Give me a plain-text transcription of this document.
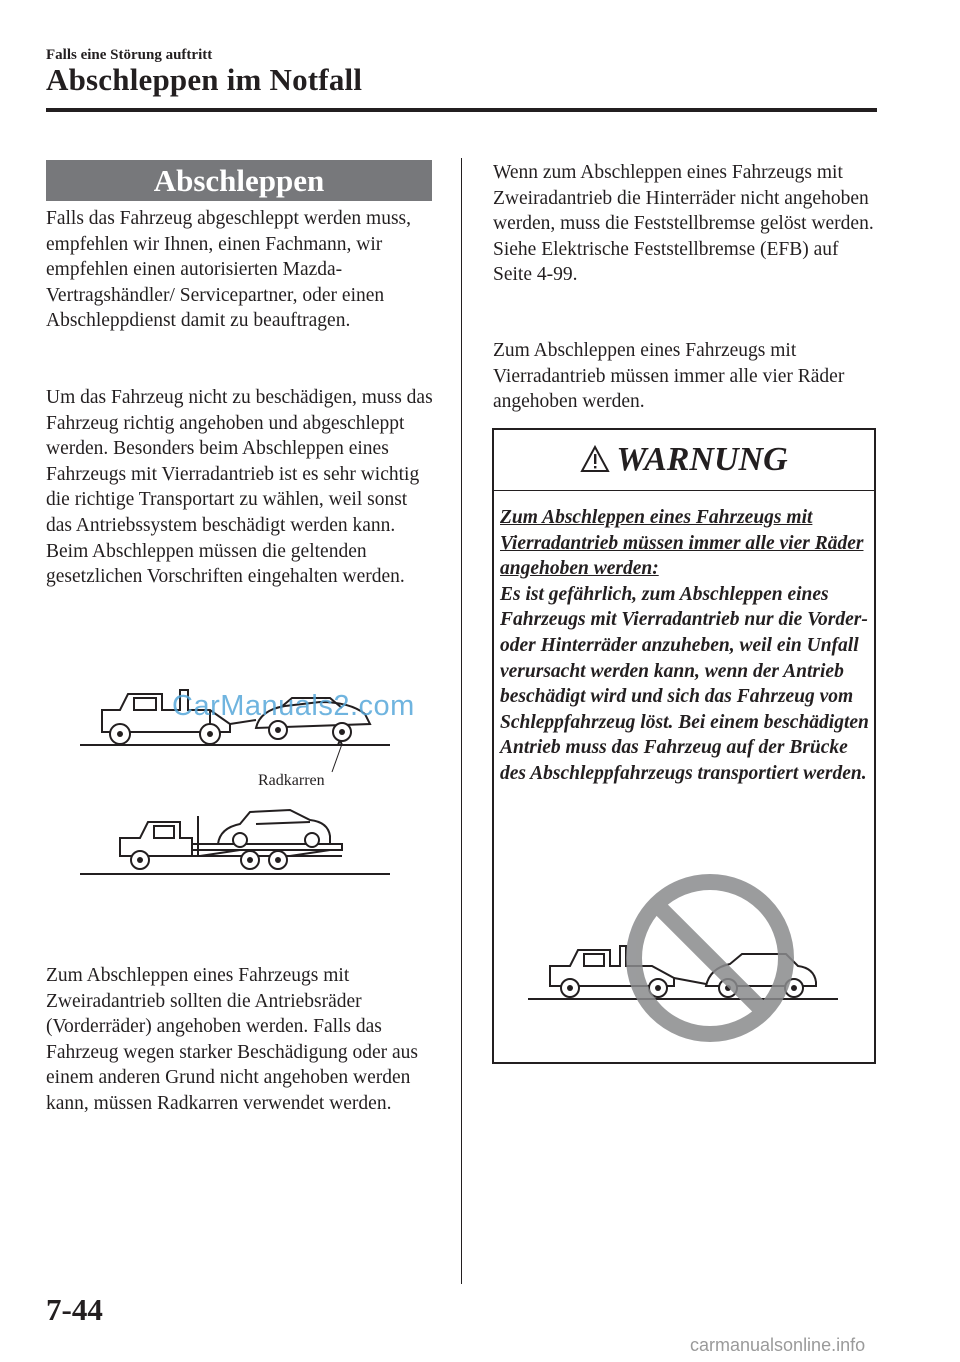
Falls eine Störung auftritt
Abschleppen im Notfall
Abschleppen

Falls das Fahrzeug abgeschleppt werden muss, empfehlen wir Ihnen, einen Fachmann, wir empfehlen einen autorisierten Mazda-Vertragshändler/ Servicepartner, oder einen Abschleppdienst damit zu beauftragen.

Um das Fahrzeug nicht zu beschädigen, muss das Fahrzeug richtig angehoben und abgeschleppt werden. Besonders beim Abschleppen eines Fahrzeugs mit Vierradantrieb ist es sehr wichtig die richtige Transportart zu wählen, weil sonst das Antriebssystem beschädigt werden kann. Beim Abschleppen müssen die geltenden gesetzlichen Vorschriften eingehalten werden.

CarManuals2.com
Radkarren

Zum Abschleppen eines Fahrzeugs mit Zweiradantrieb sollten die Antriebsräder (Vorderräder) angehoben werden. Falls das Fahrzeug wegen starker Beschädigung oder aus einem anderen Grund nicht angehoben werden kann, müssen Radkarren verwendet werden.

Wenn zum Abschleppen eines Fahrzeugs mit Zweiradantrieb die Hinterräder nicht angehoben werden, muss die Feststellbremse gelöst werden. Siehe Elektrische Feststellbremse (EFB) auf Seite 4-99.

Zum Abschleppen eines Fahrzeugs mit Vierradantrieb müssen immer alle vier Räder angehoben werden.

WARNUNG

Zum Abschleppen eines Fahrzeugs mit Vierradantrieb müssen immer alle vier Räder angehoben werden:
Es ist gefährlich, zum Abschleppen eines Fahrzeugs mit Vierradantrieb nur die Vorder- oder Hinterräder anzuheben, weil ein Unfall verursacht werden kann, wenn der Antrieb beschädigt wird und sich das Fahrzeug vom Schleppfahrzeug löst. Bei einem beschädigten Antrieb muss das Fahrzeug auf der Brücke des Abschleppfahrzeugs transportiert werden.

7-44
carmanualsonline.info
